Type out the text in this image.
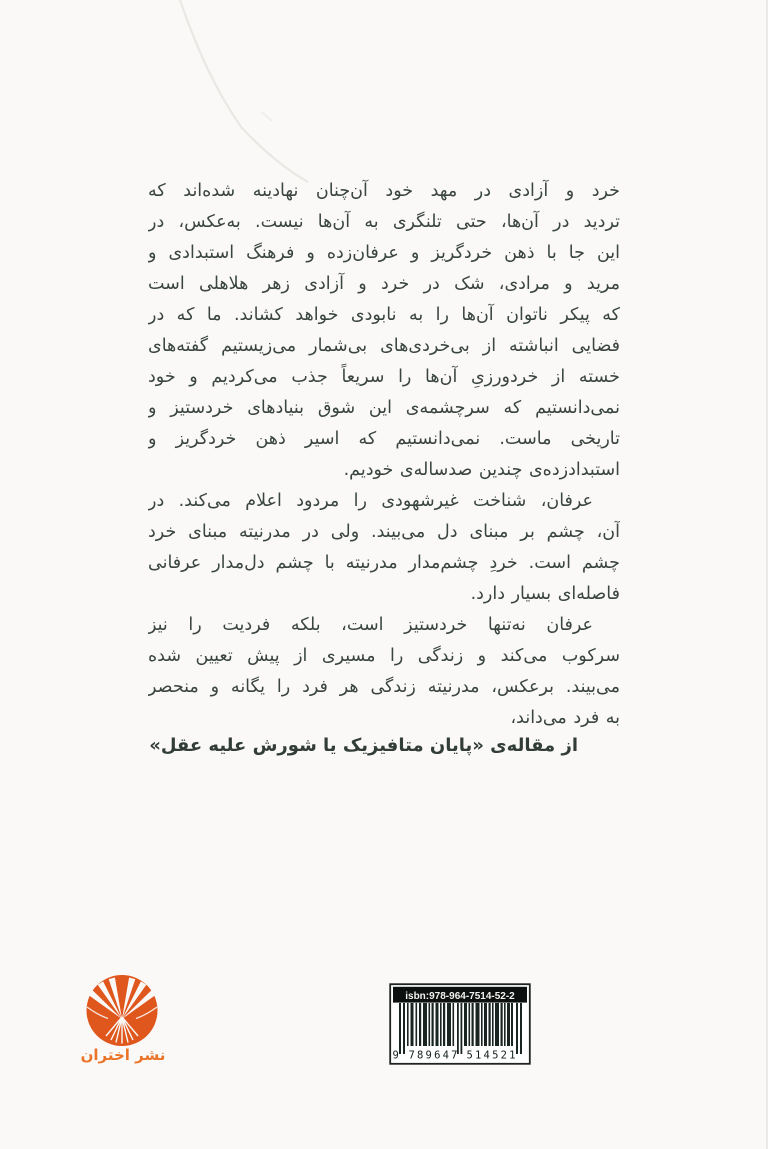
خرد و آزادی در مهد خود آن‌چنان نهادینه شده‌اند که
تردید در آن‌ها، حتی تلنگری به آن‌ها نیست. به‌عکس، در
این جا با ذهن خردگریز و عرفان‌زده و فرهنگ استبدادی و
مرید و مرادی، شک در خرد و آزادی زهر هلاهلی است
که پیکر ناتوان آن‌ها را به نابودی خواهد کشاند. ما که در
فضایی انباشته از بی‌خردی‌های بی‌شمار می‌زیستیم گفته‌های
خسته از خردورزیِ آن‌ها را سریعاً جذب می‌کردیم و خود
نمی‌دانستیم که سرچشمه‌ی این شوق بنیادهای خردستیز و
تاریخی ماست. نمی‌دانستیم که اسیر ذهن خردگریز و
استبدادزده‌ی چندین صدساله‌ی خودیم.
عرفان، شناخت غیرشهودی را مردود اعلام می‌کند. در
آن، چشم بر مبنای دل می‌بیند. ولی در مدرنیته مبنای خرد
چشم است. خردِ چشم‌مدار مدرنیته با چشم دل‌مدار عرفانی
فاصله‌ای بسیار دارد.
عرفان نه‌تنها خردستیز است، بلکه فردیت را نیز
سرکوب می‌کند و زندگی را مسیری از پیش تعیین شده
می‌بیند. برعکس، مدرنیته زندگی هر فرد را یگانه و منحصر
به فرد می‌داند،
از مقاله‌ی «پایان متافیزیک یا شورش علیه عقل»
نشر اختران
isbn:978-964-7514-52-2
9 789647 514521
